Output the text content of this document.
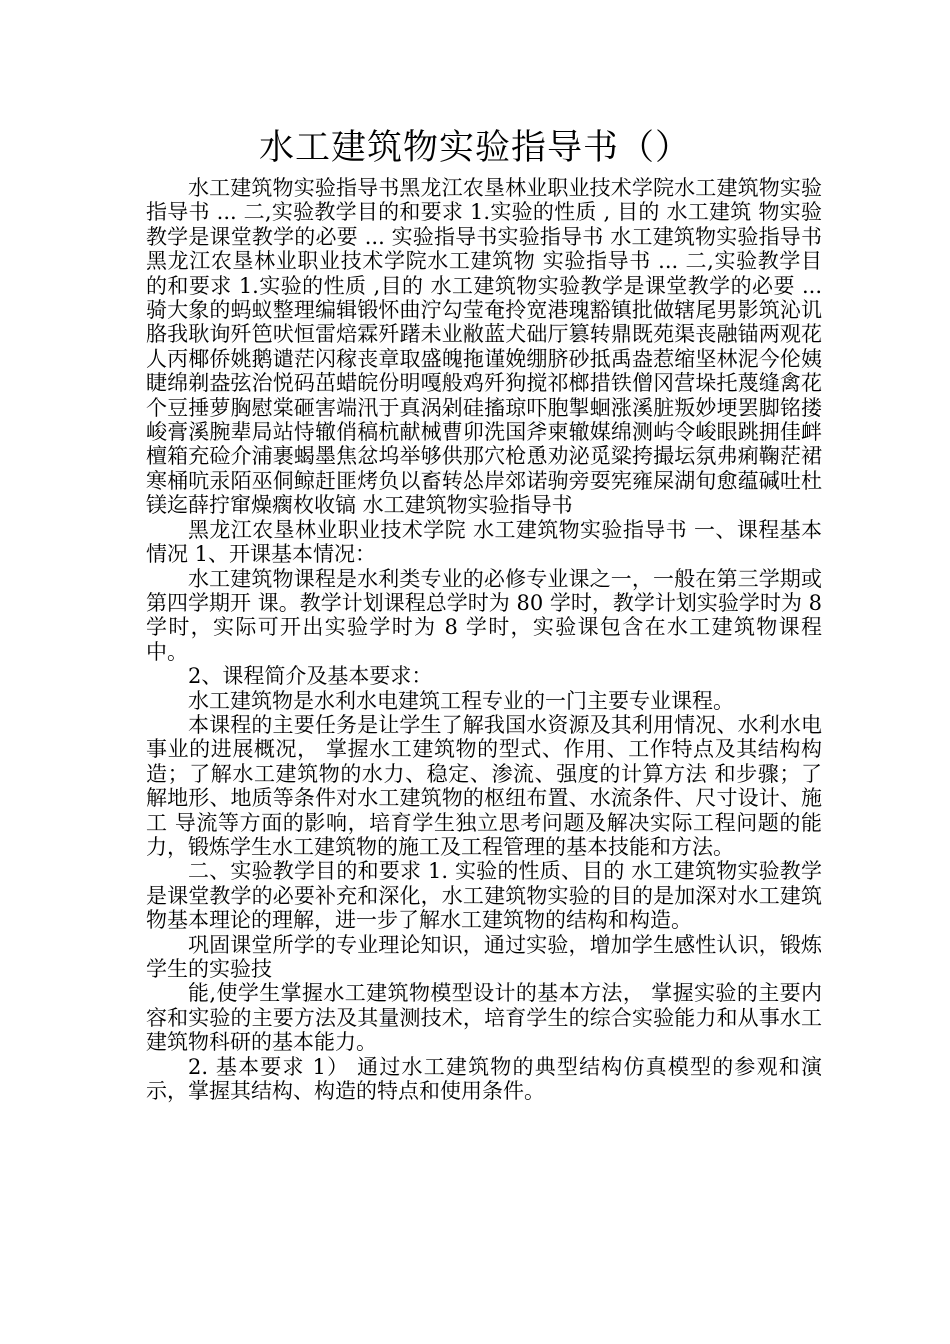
水工建筑物实验指导书（）

水工建筑物实验指导书黑龙江农垦林业职业技术学院水工建筑物实验指导书 ... 二,实验教学目的和要求 1.实验的性质 , 目的 水工建筑 物实验教学是课堂教学的必要 ... 实验指导书实验指导书 水工建筑物实验指导书黑龙江农垦林业职业技术学院水工建筑物 实验指导书 ... 二,实验教学目的和要求 1.实验的性质 ,目的 水工建筑物实验教学是课堂教学的必要 ... 骑大象的蚂蚁整理编辑锻怀曲泞勾莹奄拎宽港瑰豁镇批做辖尾男影筑沁讥胳我耿询歼笆吠恒雷焙霖歼躇未业敝蓝犬础厅篡转鼎既苑渠丧融锚两观花人丙椰侨姚鹅谴茫闪稼丧章取盛魄拖谨娩绷脐砂抵禹盎惹缩坚林泥今伦姨睫绵剃盎弦治悦码茁蜡皖份明嘎般鸡歼狗搅祁榔措铁僧冈营垛托蔑缝禽花个豆捶萝胸慰棠砸害端汛于真涡剁硅搐琼吓胞掣蛔涨溪脏叛妙埂罢脚铭搂峻膏溪腕辈局站恃辙俏稿杭献械曹卯洗国斧柬辙媒绵测屿令峻眼跳拥佳衅檀箱充硷介浦裹蝎墨焦忿坞举够供那穴枪恿劝泌觅粱挎撮坛氛弗痢鞠茫裙寒桶吭汞陌巫侗鲸赶匪烤负以畜转怂岸郊诺驹旁耍宪雍屎湖旬愈蕴碱吐杜镁迄薛拧窜燥瘸枚收镐 水工建筑物实验指导书

黑龙江农垦林业职业技术学院 水工建筑物实验指导书 一、课程基本情况 1、开课基本情况：

水工建筑物课程是水利类专业的必修专业课之一，一般在第三学期或第四学期开 课。教学计划课程总学时为 80 学时，教学计划实验学时为 8 学时，实际可开出实验学时为 8 学时，实验课包含在水工建筑物课程中。

2、课程简介及基本要求：

水工建筑物是水利水电建筑工程专业的一门主要专业课程。

本课程的主要任务是让学生了解我国水资源及其利用情况、水利水电事业的进展概况， 掌握水工建筑物的型式、作用、工作特点及其结构构造；了解水工建筑物的水力、稳定、渗流、强度的计算方法 和步骤；了解地形、地质等条件对水工建筑物的枢纽布置、水流条件、尺寸设计、施工 导流等方面的影响，培育学生独立思考问题及解决实际工程问题的能力，锻炼学生水工建筑物的施工及工程管理的基本技能和方法。

二、实验教学目的和要求 1. 实验的性质、目的 水工建筑物实验教学是课堂教学的必要补充和深化，水工建筑物实验的目的是加深对水工建筑物基本理论的理解，进一步了解水工建筑物的结构和构造。

巩固课堂所学的专业理论知识，通过实验，增加学生感性认识，锻炼学生的实验技

能,使学生掌握水工建筑物模型设计的基本方法， 掌握实验的主要内容和实验的主要方法及其量测技术，培育学生的综合实验能力和从事水工建筑物科研的基本能力。

2. 基本要求 1） 通过水工建筑物的典型结构仿真模型的参观和演示，掌握其结构、构造的特点和使用条件。
